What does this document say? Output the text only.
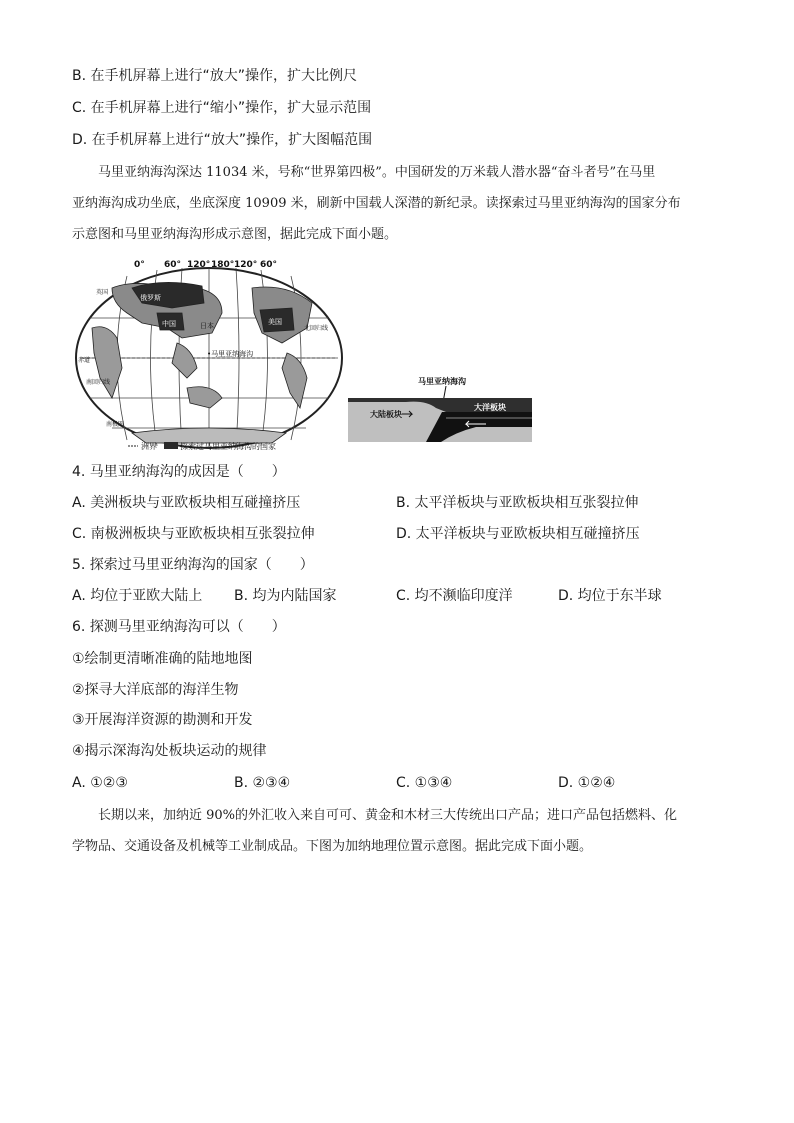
B. 在手机屏幕上进行“放大”操作，扩大比例尺
C. 在手机屏幕上进行“缩小”操作，扩大显示范围
D. 在手机屏幕上进行“放大”操作，扩大图幅范围
马里亚纳海沟深达 11034 米，号称“世界第四极”。中国研发的万米载人潜水器“奋斗者号”在马里
亚纳海沟成功坐底，坐底深度 10909 米，刷新中国载人深潜的新纪录。读探索过马里亚纳海沟的国家分布
示意图和马里亚纳海沟形成示意图，据此完成下面小题。
0° 60° 120° 180° 120° 60°
俄罗斯
中国	日本	美国
•马里亚纳海沟
英国
北回归线
赤道
南回归线
南极圈
洲界	探索过马里亚纳海沟的国家
马里亚纳海沟
大陆板块
大洋板块
4. 马里亚纳海沟的成因是（　　）
A. 美洲板块与亚欧板块相互碰撞挤压	B. 太平洋板块与亚欧板块相互张裂拉伸
C. 南极洲板块与亚欧板块相互张裂拉伸	D. 太平洋板块与亚欧板块相互碰撞挤压
5. 探索过马里亚纳海沟的国家（　　）
A. 均位于亚欧大陆上 B. 均为内陆国家	C. 均不濒临印度洋	D. 均位于东半球
6. 探测马里亚纳海沟可以（　　）
①绘制更清晰准确的陆地地图
②探寻大洋底部的海洋生物
③开展海洋资源的勘测和开发
④揭示深海沟处板块运动的规律
A. ①②③	B. ②③④	C. ①③④	D. ①②④
长期以来，加纳近 90%的外汇收入来自可可、黄金和木材三大传统出口产品；进口产品包括燃料、化
学物品、交通设备及机械等工业制成品。下图为加纳地理位置示意图。据此完成下面小题。
